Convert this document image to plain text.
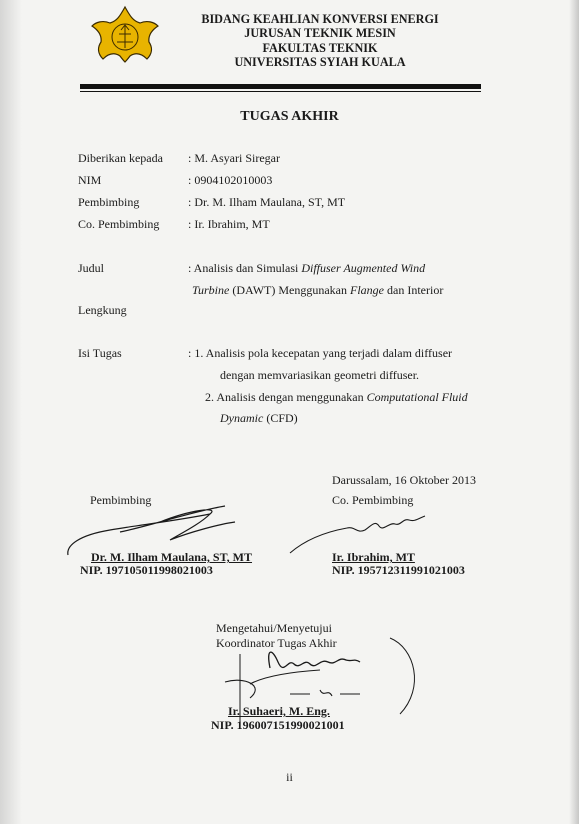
BIDANG KEAHLIAN KONVERSI ENERGI
JURUSAN TEKNIK MESIN
FAKULTAS TEKNIK
UNIVERSITAS SYIAH KUALA
TUGAS AKHIR
Diberikan kepada : M. Asyari Siregar
NIM	: 0904102010003
Pembimbing	: Dr. M. Ilham Maulana, ST, MT
Co. Pembimbing : Ir. Ibrahim, MT
Judul	: Analisis dan Simulasi Diffuser Augmented Wind
Turbine (DAWT) Menggunakan Flange dan Interior
Lengkung
Isi Tugas	: 1. Analisis pola kecepatan yang terjadi dalam diffuser
dengan memvariasikan geometri diffuser.
2. Analisis dengan menggunakan Computational Fluid
Dynamic (CFD)
Darussalam, 16 Oktober 2013
Pembimbing
Dr. M. Ilham Maulana, ST, MT
NIP. 197105011998021003
Co. Pembimbing
Ir. Ibrahim, MT
NIP. 195712311991021003
Mengetahui/Menyetujui
Koordinator Tugas Akhir
Ir. Suhaeri, M. Eng.
NIP. 196007151990021001
ii
